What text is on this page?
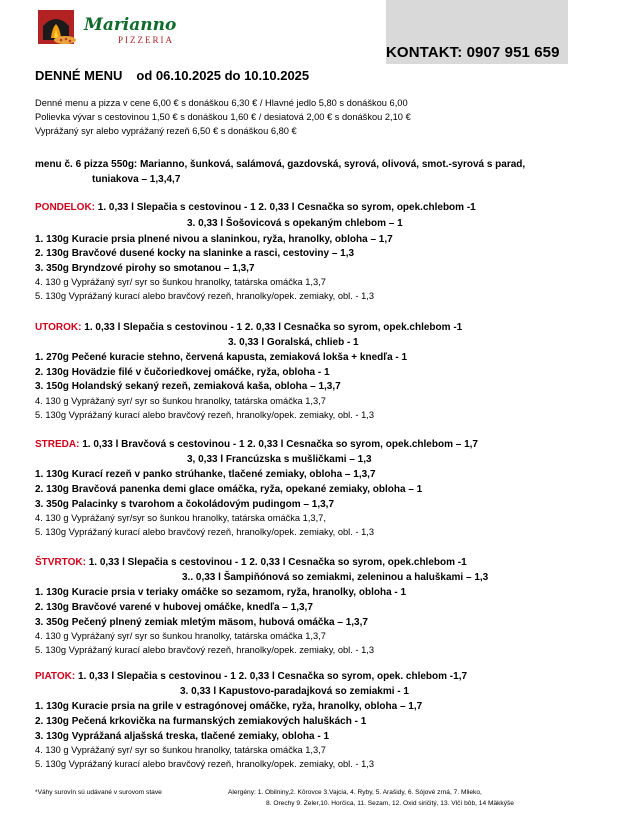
Marianno
PIZZERIA
KONTAKT: 0907 951 659
DENNÉ MENU od 06.10.2025 do 10.10.2025
Denné menu a pizza v cene 6,00 € s donáškou 6,30 € / Hlavné jedlo 5,80 s donáškou 6,00
Polievka vývar s cestovinou 1,50 € s donáškou 1,60 € / desiatová 2,00 € s donáškou 2,10 €
Vyprážaný syr alebo vyprážaný rezeň 6,50 € s donáškou 6,80 €
menu č. 6 pizza 550g: Marianno, šunková, salámová, gazdovská, syrová, olivová, smot.-syrová s parad,
tuniakova – 1,3,4,7
PONDELOK: 1. 0,33 l Slepačia s cestovinou - 1 2. 0,33 l Cesnačka so syrom, opek.chlebom -1
3. 0,33 l Šošovicová s opekaným chlebom – 1
1. 130g Kuracie prsia plnené nivou a slaninkou, ryža, hranolky, obloha – 1,7
2. 130g Bravčové dusené kocky na slaninke a rasci, cestoviny – 1,3
3. 350g Bryndzové pirohy so smotanou – 1,3,7
4. 130 g Vyprážaný syr/ syr so šunkou hranolky, tatárska omáčka 1,3,7
5. 130g Vyprážaný kurací alebo bravčový rezeň, hranolky/opek. zemiaky, obl. - 1,3
UTOROK: 1. 0,33 l Slepačia s cestovinou - 1 2. 0,33 l Cesnačka so syrom, opek.chlebom -1
3. 0,33 l Goralská, chlieb - 1
1. 270g Pečené kuracie stehno, červená kapusta, zemiaková lokša + knedľa - 1
2. 130g Hovädzie filé v čučoriedkovej omáčke, ryža, obloha - 1
3. 150g Holandský sekaný rezeň, zemiaková kaša, obloha – 1,3,7
4. 130 g Vyprážaný syr/ syr so šunkou hranolky, tatárska omáčka 1,3,7
5. 130g Vyprážaný kurací alebo bravčový rezeň, hranolky/opek. zemiaky, obl. - 1,3
STREDA: 1. 0,33 l Bravčová s cestovinou - 1 2. 0,33 l Cesnačka so syrom, opek.chlebom – 1,7
3, 0,33 l Francúzska s mušličkami – 1,3
1. 130g Kurací rezeň v panko strúhanke, tlačené zemiaky, obloha – 1,3,7
2. 130g Bravčová panenka demi glace omáčka, ryža, opekané zemiaky, obloha – 1
3. 350g Palacinky s tvarohom a čokoládovým pudingom – 1,3,7
4. 130 g Vyprážaný syr/syr so šunkou hranolky, tatárska omáčka 1,3,7,
5. 130g Vyprážaný kurací alebo bravčový rezeň, hranolky/opek. zemiaky, obl. - 1,3
ŠTVRTOK: 1. 0,33 l Slepačia s cestovinou - 1 2. 0,33 l Cesnačka so syrom, opek.chlebom -1
3.. 0,33 l Šampiňónová so zemiakmi, zeleninou a haluškami – 1,3
1. 130g Kuracie prsia v teriaky omáčke so sezamom, ryža, hranolky, obloha - 1
2. 130g Bravčové varené v hubovej omáčke, knedľa – 1,3,7
3. 350g Pečený plnený zemiak mletým mäsom, hubová omáčka – 1,3,7
4. 130 g Vyprážaný syr/ syr so šunkou hranolky, tatárska omáčka 1,3,7
5. 130g Vyprážaný kurací alebo bravčový rezeň, hranolky/opek. zemiaky, obl. - 1,3
PIATOK: 1. 0,33 l Slepačia s cestovinou - 1 2. 0,33 l Cesnačka so syrom, opek. chlebom -1,7
3. 0,33 l Kapustovo-paradajková so zemiakmi - 1
1. 130g Kuracie prsia na grile v estragónovej omáčke, ryža, hranolky, obloha – 1,7
2. 130g Pečená krkovička na furmanských zemiakových haluškách - 1
3. 130g Vyprážaná aljašská treska, tlačené zemiaky, obloha - 1
4. 130 g Vyprážaný syr/ syr so šunkou hranolky, tatárska omáčka 1,3,7
5. 130g Vyprážaný kurací alebo bravčový rezeň, hranolky/opek. zemiaky, obl. - 1,3
*Váhy surovín sú udávané v surovom stave	Alergény: 1. Obilniny,2. Kôrovce 3.Vajcia, 4. Ryby, 5. Arašidy, 6. Sójové zrná, 7. Mlieko,
8. Orechy 9. Zeler,10. Horčica, 11. Sezam, 12. Oxid siričitý, 13. Vlčí bôb, 14 Mäkkýše
